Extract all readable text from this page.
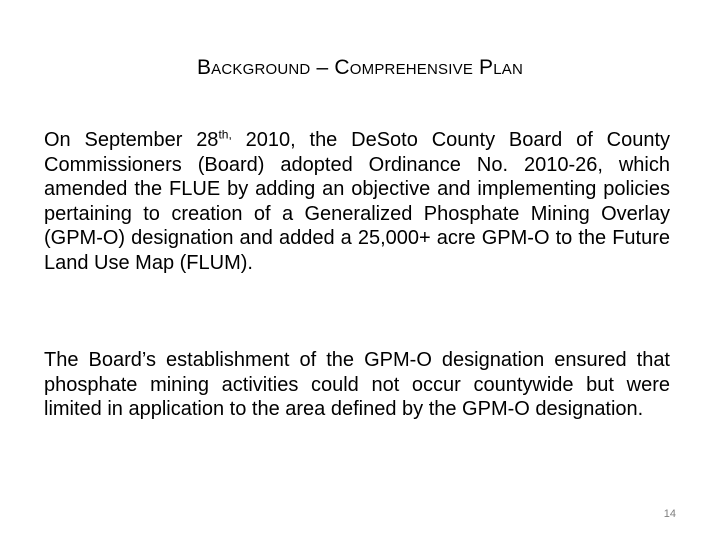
Background – Comprehensive Plan

On September $28^{th,}$ 2010, the DeSoto County Board of County Commissioners (Board) adopted Ordinance No. 2010-26, which amended the FLUE by adding an objective and implementing policies pertaining to creation of a Generalized Phosphate Mining Overlay (GPM-O) designation and added a 25,000+ acre GPM-O to the Future Land Use Map (FLUM).

The Board’s establishment of the GPM-O designation ensured that phosphate mining activities could not occur countywide but were limited in application to the area defined by the GPM-O designation.

14
